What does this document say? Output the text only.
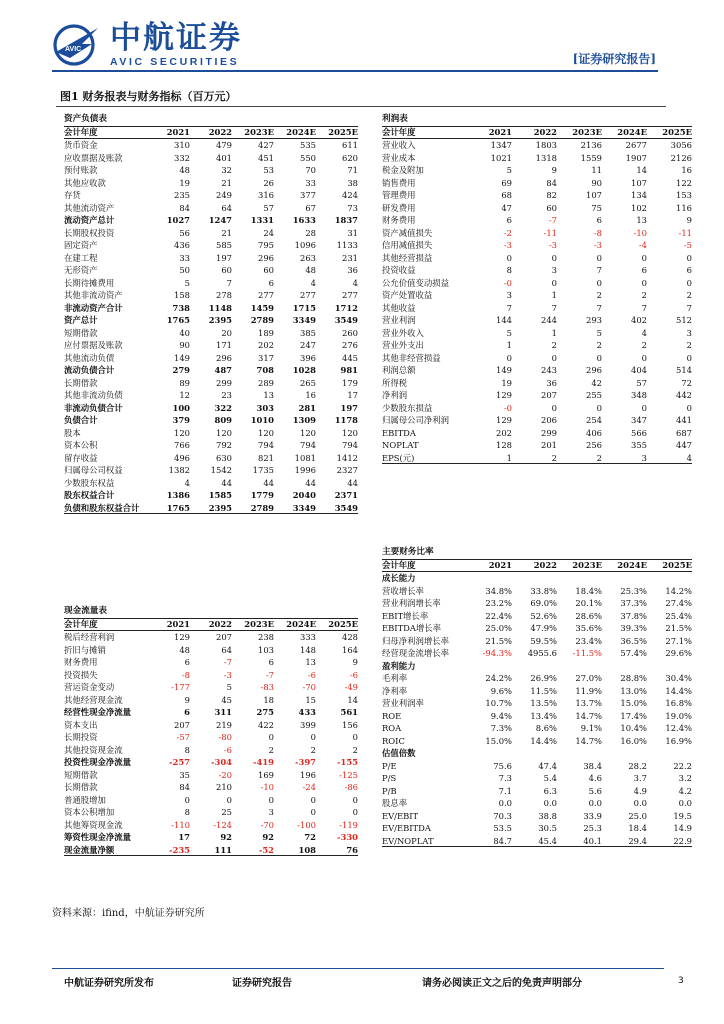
AVIC 中航证券
AVIC SECURITIES	[证券研究报告]
图1 财务报表与财务指标（百万元）
资产负债表
会计年度	2021	2022	2023E	2024E	2025E
货币资金	310	479	427	535	611
应收票据及账款	332	401	451	550	620
预付账款	48	32	53	70	71
其他应收款	19	21	26	33	38
存货	235	249	316	377	424
其他流动资产	84	64	57	67	73
流动资产总计	1027	1247	1331	1633	1837
长期股权投资	56	21	24	28	31
固定资产	436	585	795	1096	1133
在建工程	33	197	296	263	231
无形资产	50	60	60	48	36
长期待摊费用	5	7	6	4	4
其他非流动资产	158	278	277	277	277
非流动资产合计	738	1148	1459	1715	1712
资产总计	1765	2395	2789	3349	3549
短期借款	40	20	189	385	260
应付票据及账款	90	171	202	247	276
其他流动负债	149	296	317	396	445
流动负债合计	279	487	708	1028	981
长期借款	89	299	289	265	179
其他非流动负债	12	23	13	16	17
非流动负债合计	100	322	303	281	197
负债合计	379	809	1010	1309	1178
股本	120	120	120	120	120
资本公积	766	792	794	794	794
留存收益	496	630	821	1081	1412
归属母公司权益	1382	1542	1735	1996	2327
少数股东权益	4	44	44	44	44
股东权益合计	1386	1585	1779	2040	2371
负债和股东权益合计	1765	2395	2789	3349	3549
现金流量表
会计年度	2021	2022	2023E	2024E	2025E
税后经营利润	129	207	238	333	428
折旧与摊销	48	64	103	148	164
财务费用	6	-7	6	13	9
投资损失	-8	-3	-7	-6	-6
营运资金变动	-177	5	-83	-70	-49
其他经营现金流	9	45	18	15	14
经营性现金净流量	6	311	275	433	561
资本支出	207	219	422	399	156
长期投资	-57	-80	0	0	0
其他投资现金流	8	-6	2	2	2
投资性现金净流量	-257	-304	-419	-397	-155
短期借款	35	-20	169	196	-125
长期借款	84	210	-10	-24	-86
普通股增加	0	0	0	0	0
资本公积增加	8	25	3	0	0
其他筹资现金流	-110	-124	-70	-100	-119
筹资性现金净流量	17	92	92	72	-330
现金流量净额	-235	111	-52	108	76
利润表
会计年度	2021	2022	2023E	2024E	2025E
营业收入	1347	1803	2136	2677	3056
营业成本	1021	1318	1559	1907	2126
税金及附加	5	9	11	14	16
销售费用	69	84	90	107	122
管理费用	68	82	107	134	153
研发费用	47	60	75	102	116
财务费用	6	-7	6	13	9
资产减值损失	-2	-11	-8	-10	-11
信用减值损失	-3	-3	-3	-4	-5
其他经营损益	0	0	0	0	0
投资收益	8	3	7	6	6
公允价值变动损益	-0	0	0	0	0
资产处置收益	3	1	2	2	2
其他收益	7	7	7	7	7
营业利润	144	244	293	402	512
营业外收入	5	1	5	4	3
营业外支出	1	2	2	2	2
其他非经营损益	0	0	0	0	0
利润总额	149	243	296	404	514
所得税	19	36	42	57	72
净利润	129	207	255	348	442
少数股东损益	-0	0	0	0	0
归属母公司净利润	129	206	254	347	441
EBITDA	202	299	406	566	687
NOPLAT	128	201	256	355	447
EPS(元)	1	2	2	3	4
主要财务比率
会计年度	2021	2022	2023E	2024E	2025E
成长能力
营收增长率	34.8%	33.8%	18.4%	25.3%	14.2%
营业利润增长率	23.2%	69.0%	20.1%	37.3%	27.4%
EBIT增长率	22.4%	52.6%	28.6%	37.8%	25.4%
EBITDA增长率	25.0%	47.9%	35.6%	39.3%	21.5%
归母净利润增长率	21.5%	59.5%	23.4%	36.5%	27.1%
经营现金流增长率	-94.3%	4955.6	-11.5%	57.4%	29.6%
盈利能力
毛利率	24.2%	26.9%	27.0%	28.8%	30.4%
净利率	9.6%	11.5%	11.9%	13.0%	14.4%
营业利润率	10.7%	13.5%	13.7%	15.0%	16.8%
ROE	9.4%	13.4%	14.7%	17.4%	19.0%
ROA	7.3%	8.6%	9.1%	10.4%	12.4%
ROIC	15.0%	14.4%	14.7%	16.0%	16.9%
估值倍数
P/E	75.6	47.4	38.4	28.2	22.2
P/S	7.3	5.4	4.6	3.7	3.2
P/B	7.1	6.3	5.6	4.9	4.2
股息率	0.0	0.0	0.0	0.0	0.0
EV/EBIT	70.3	38.8	33.9	25.0	19.5
EV/EBITDA	53.5	30.5	25.3	18.4	14.9
EV/NOPLAT	84.7	45.4	40.1	29.4	22.9
资料来源：ifind，中航证券研究所
中航证券研究所发布	证券研究报告	请务必阅读正文之后的免责声明部分	3
